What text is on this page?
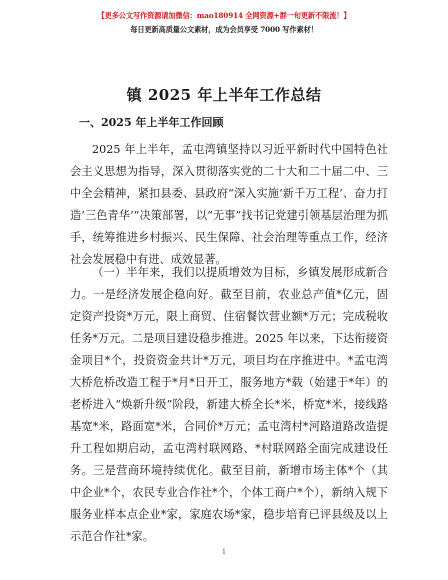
【更多公文写作资源请加微信：mao180914 全网资源+群一旬更新不限流！】
每日更新高质量公文素材，成为会员享受 7000 写作素材！
镇 2025 年上半年工作总结
一、2025 年上半年工作回顾
2025 年上半年，孟屯湾镇坚持以习近平新时代中国特色社会主义思想为指导，深入贯彻落实党的二十大和二十届二中、三中全会精神，紧扣县委、县政府“深入实施‘新千万工程’、奋力打造‘三色青华’”决策部署，以“无事”找书记党建引领基层治理为抓手，统筹推进乡村振兴、民生保障、社会治理等重点工作，经济社会发展稳中有进、成效显著。
（一）半年来，我们以提质增效为目标，乡镇发展形成新合力。一是经济发展企稳向好。截至目前，农业总产值*亿元，固定资产投资*万元，限上商贸、住宿餐饮营业额*万元；完成税收任务*万元。二是项目建设稳步推进。2025 年以来，下达衔接资金项目*个，投资资金共计*万元，项目均在序推进中。*孟屯湾大桥危桥改造工程于*月*日开工，服务地方*载（始建于*年）的老桥进入“焕新升级”阶段，新建大桥全长*米，桥宽*米，接线路基宽*米，路面宽*米，合同价*万元；孟屯湾村*河路道路改造提升工程如期启动，孟屯湾村联网路、*村联网路全面完成建设任务。三是营商环境持续优化。截至目前，新增市场主体*个（其中企业*个，农民专业合作社*个，个体工商户*个），新纳入规下服务业样本点企业*家，家庭农场*家，稳步培育已评县级及以上示范合作社*家。
1
